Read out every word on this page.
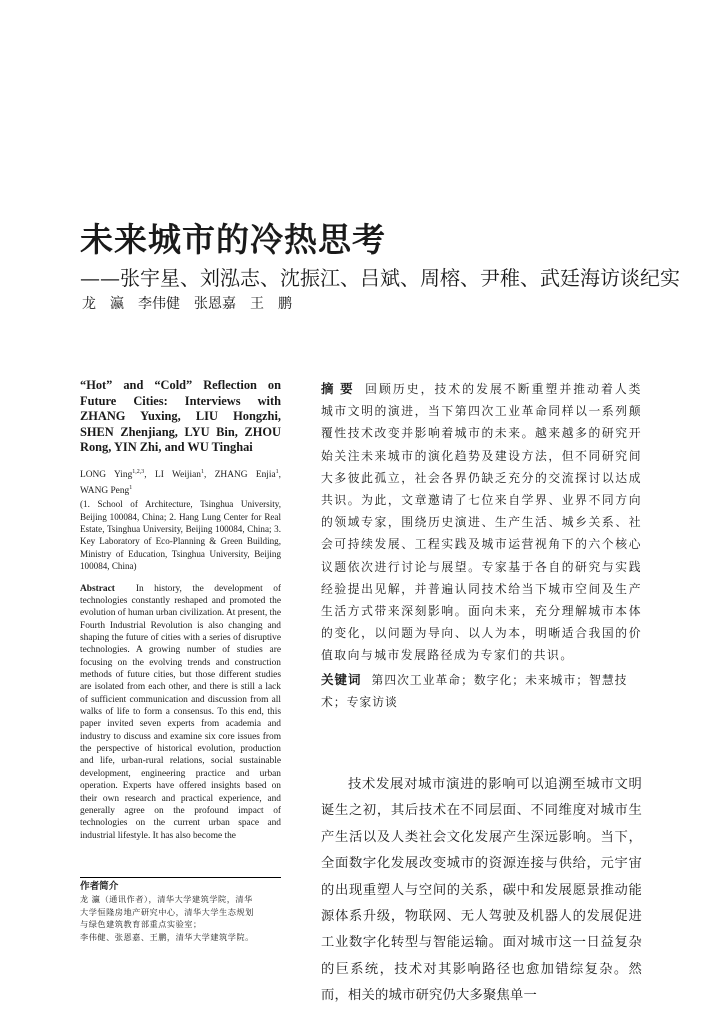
未来城市的冷热思考
——张宇星、刘泓志、沈振江、吕斌、周榕、尹稚、武廷海访谈纪实
龙　瀛　李伟健　张恩嘉　王　鹏

“Hot” and “Cold” Reflection on Future Cities: Interviews with ZHANG Yuxing, LIU Hongzhi, SHEN Zhenjiang, LYU Bin, ZHOU Rong, YIN Zhi, and WU Tinghai

LONG Ying$^{1,2,3}$, LI Weijian$^1$, ZHANG Enjia$^1$, WANG Peng$^1$
(1. School of Architecture, Tsinghua University, Beijing 100084, China; 2. Hang Lung Center for Real Estate, Tsinghua University, Beijing 100084, China; 3. Key Laboratory of Eco-Planning & Green Building, Ministry of Education, Tsinghua University, Beijing 100084, China)
Abstract In history, the development of technologies constantly reshaped and promoted the evolution of human urban civilization. At present, the Fourth Industrial Revolution is also changing and shaping the future of cities with a series of disruptive technologies. A growing number of studies are focusing on the evolving trends and construction methods of future cities, but those different studies are isolated from each other, and there is still a lack of sufficient communication and discussion from all walks of life to form a consensus. To this end, this paper invited seven experts from academia and industry to discuss and examine six core issues from the perspective of historical evolution, production and life, urban-rural relations, social sustainable development, engineering practice and urban operation. Experts have offered insights based on their own research and practical experience, and generally agree on the profound impact of technologies on the current urban space and industrial lifestyle. It has also become the
作者简介
龙 瀛（通讯作者），清华大学建筑学院，清华
大学恒隆房地产研究中心，清华大学生态规划
与绿色建筑教育部重点实验室；
李伟健、张恩嘉、王鹏，清华大学建筑学院。
摘要 回顾历史，技术的发展不断重塑并推动着人类城市文明的演进，当下第四次工业革命同样以一系列颠覆性技术改变并影响着城市的未来。越来越多的研究开始关注未来城市的演化趋势及建设方法，但不同研究间大多彼此孤立，社会各界仍缺乏充分的交流探讨以达成共识。为此，文章邀请了七位来自学界、业界不同方向的领域专家，围绕历史演进、生产生活、城乡关系、社会可持续发展、工程实践及城市运营视角下的六个核心议题依次进行讨论与展望。专家基于各自的研究与实践经验提出见解，并普遍认同技术给当下城市空间及生产生活方式带来深刻影响。面向未来，充分理解城市本体的变化，以问题为导向、以人为本，明晰适合我国的价值取向与城市发展路径成为专家们的共识。
关键词 第四次工业革命；数字化；未来城市；智慧技术；专家访谈
技术发展对城市演进的影响可以追溯至城市文明诞生之初，其后技术在不同层面、不同维度对城市生产生活以及人类社会文化发展产生深远影响。当下，全面数字化发展改变城市的资源连接与供给，元宇宙的出现重塑人与空间的关系，碳中和发展愿景推动能源体系升级，物联网、无人驾驶及机器人的发展促进工业数字化转型与智能运输。面对城市这一日益复杂的巨系统，技术对其影响路径也愈加错综复杂。然而，相关的城市研究仍大多聚焦单一
